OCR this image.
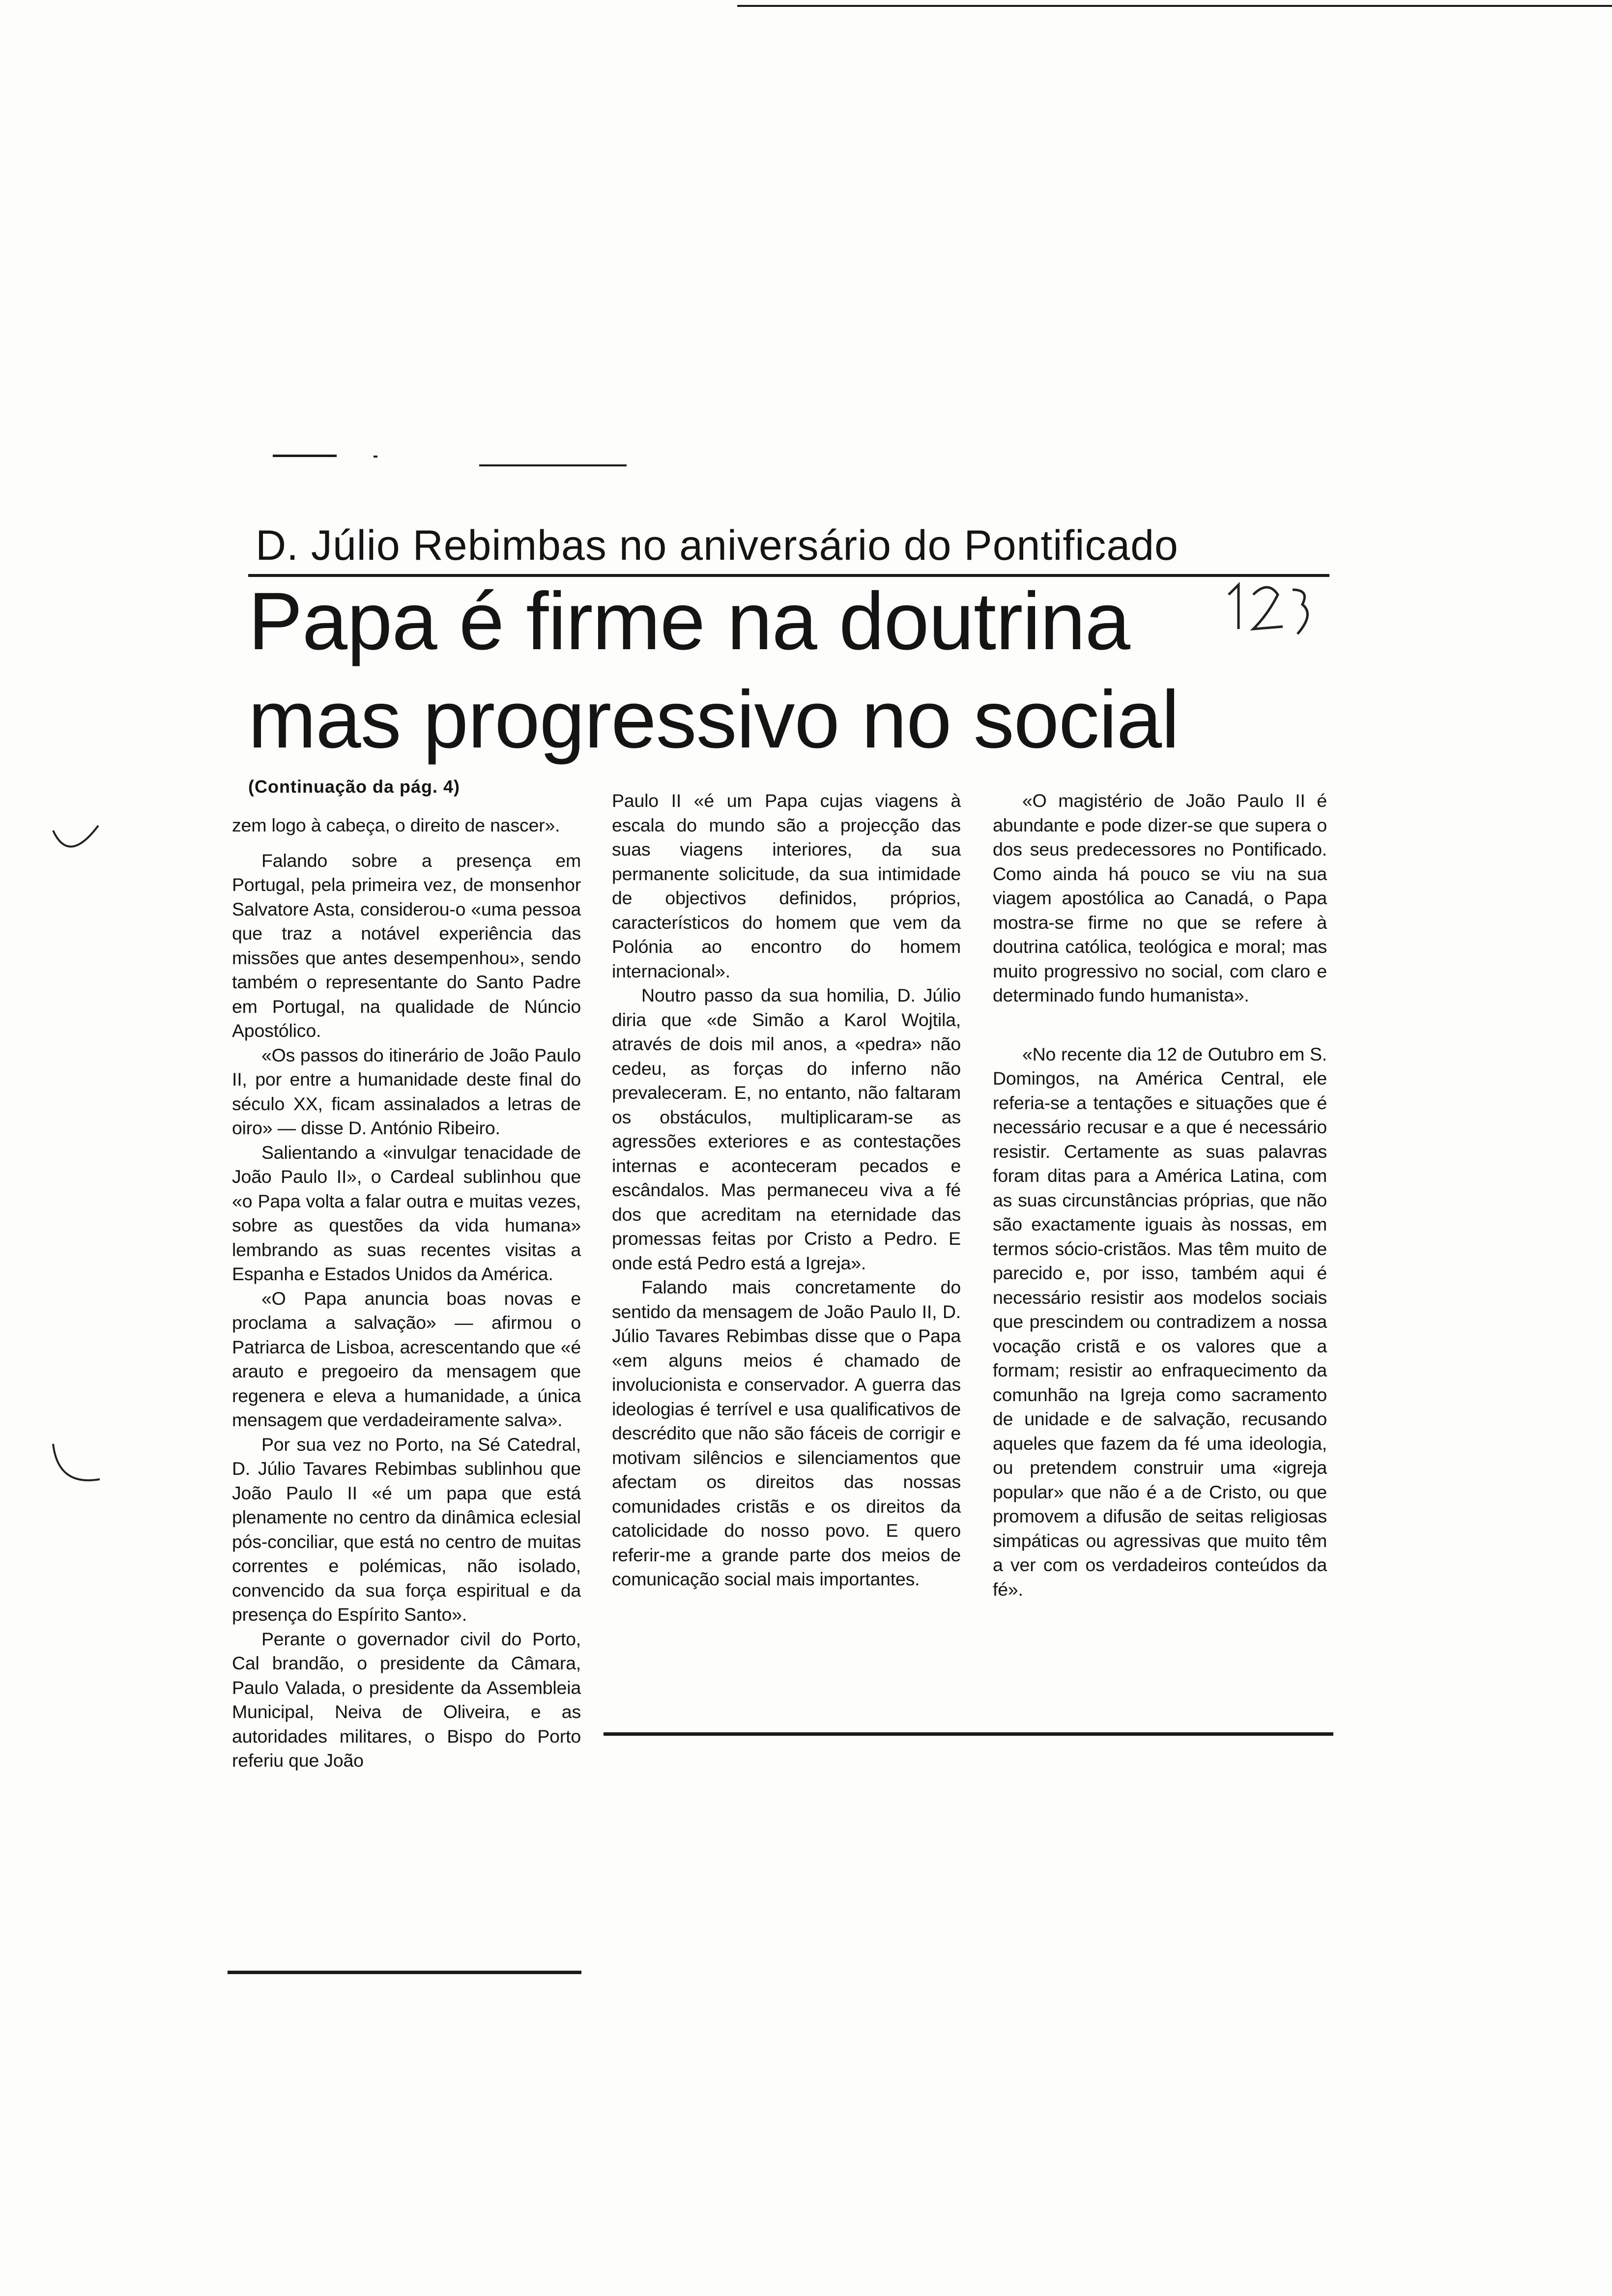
D. Júlio Rebimbas no aniversário do Pontificado
Papa é firme na doutrina
mas progressivo no social
(Continuação da pág. 4)

zem logo à cabeça, o direito de nascer».

Falando sobre a presença em Portugal, pela primeira vez, de monsenhor Salvatore Asta, considerou-o «uma pessoa que traz a notável experiência das missões que antes desempenhou», sendo também o representante do Santo Padre em Portugal, na qualidade de Núncio Apostólico.

«Os passos do itinerário de João Paulo II, por entre a humanidade deste final do século XX, ficam assinalados a letras de oiro» — disse D. António Ribeiro.

Salientando a «invulgar tenacidade de João Paulo II», o Cardeal sublinhou que «o Papa volta a falar outra e muitas vezes, sobre as questões da vida humana» lembrando as suas recentes visitas a Espanha e Estados Unidos da América.

«O Papa anuncia boas novas e proclama a salvação» — afirmou o Patriarca de Lisboa, acrescentando que «é arauto e pregoeiro da mensagem que regenera e eleva a humanidade, a única mensagem que verdadeiramente salva».

Por sua vez no Porto, na Sé Catedral, D. Júlio Tavares Rebimbas sublinhou que João Paulo II «é um papa que está plenamente no centro da dinâmica eclesial pós-conciliar, que está no centro de muitas correntes e polémicas, não isolado, convencido da sua força espiritual e da presença do Espírito Santo».

Perante o governador civil do Porto, Cal brandão, o presidente da Câmara, Paulo Valada, o presidente da Assembleia Municipal, Neiva de Oliveira, e as autoridades militares, o Bispo do Porto referiu que João

Paulo II «é um Papa cujas viagens à escala do mundo são a projecção das suas viagens interiores, da sua permanente solicitude, da sua intimidade de objectivos definidos, próprios, característicos do homem que vem da Polónia ao encontro do homem internacional».

Noutro passo da sua homilia, D. Júlio diria que «de Simão a Karol Wojtila, através de dois mil anos, a «pedra» não cedeu, as forças do inferno não prevaleceram. E, no entanto, não faltaram os obstáculos, multiplicaram-se as agressões exteriores e as contestações internas e aconteceram pecados e escândalos. Mas permaneceu viva a fé dos que acreditam na eternidade das promessas feitas por Cristo a Pedro. E onde está Pedro está a Igreja».

Falando mais concretamente do sentido da mensagem de João Paulo II, D. Júlio Tavares Rebimbas disse que o Papa «em alguns meios é chamado de involucionista e conservador. A guerra das ideologias é terrível e usa qualificativos de descrédito que não são fáceis de corrigir e motivam silêncios e silenciamentos que afectam os direitos das nossas comunidades cristãs e os direitos da catolicidade do nosso povo. E quero referir-me a grande parte dos meios de comunicação social mais importantes.

«O magistério de João Paulo II é abundante e pode dizer-se que supera o dos seus predecessores no Pontificado. Como ainda há pouco se viu na sua viagem apostólica ao Canadá, o Papa mostra-se firme no que se refere à doutrina católica, teológica e moral; mas muito progressivo no social, com claro e determinado fundo humanista».

«No recente dia 12 de Outubro em S. Domingos, na América Central, ele referia-se a tentações e situações que é necessário recusar e a que é necessário resistir. Certamente as suas palavras foram ditas para a América Latina, com as suas circunstâncias próprias, que não são exactamente iguais às nossas, em termos sócio-cristãos. Mas têm muito de parecido e, por isso, também aqui é necessário resistir aos modelos sociais que prescindem ou contradizem a nossa vocação cristã e os valores que a formam; resistir ao enfraquecimento da comunhão na Igreja como sacramento de unidade e de salvação, recusando aqueles que fazem da fé uma ideologia, ou pretendem construir uma «igreja popular» que não é a de Cristo, ou que promovem a difusão de seitas religiosas simpáticas ou agressivas que muito têm a ver com os verdadeiros conteúdos da fé».
